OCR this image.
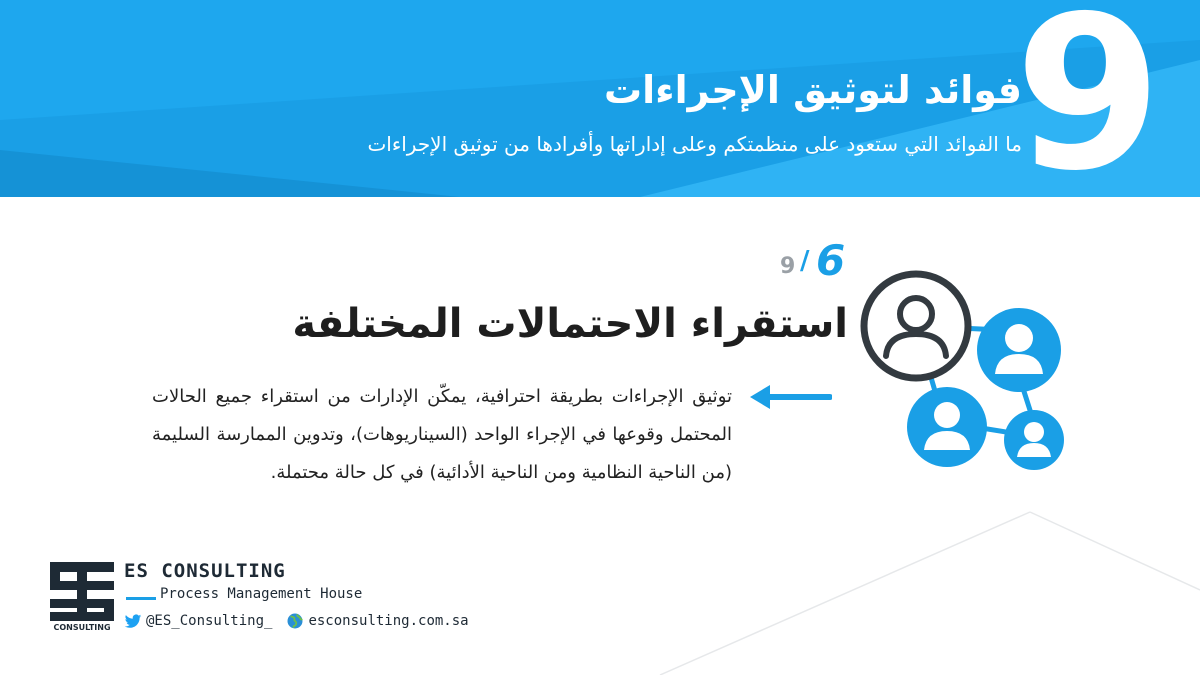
9
فوائد لتوثيق الإجراءات
ما الفوائد التي ستعود على منظمتكم وعلى إداراتها وأفرادها من توثيق الإجراءات
9 / 6
استقراء الاحتمالات المختلفة
توثيق الإجراءات بطريقة احترافية، يمكّن الإدارات من استقراء جميع الحالات المحتمل وقوعها في الإجراء الواحد (السيناريوهات)، وتدوين الممارسة السليمة (من الناحية النظامية ومن الناحية الأدائية) في كل حالة محتملة.
CONSULTING
ES CONSULTING
Process Management House
@ES_Consulting_	esconsulting.com.sa
